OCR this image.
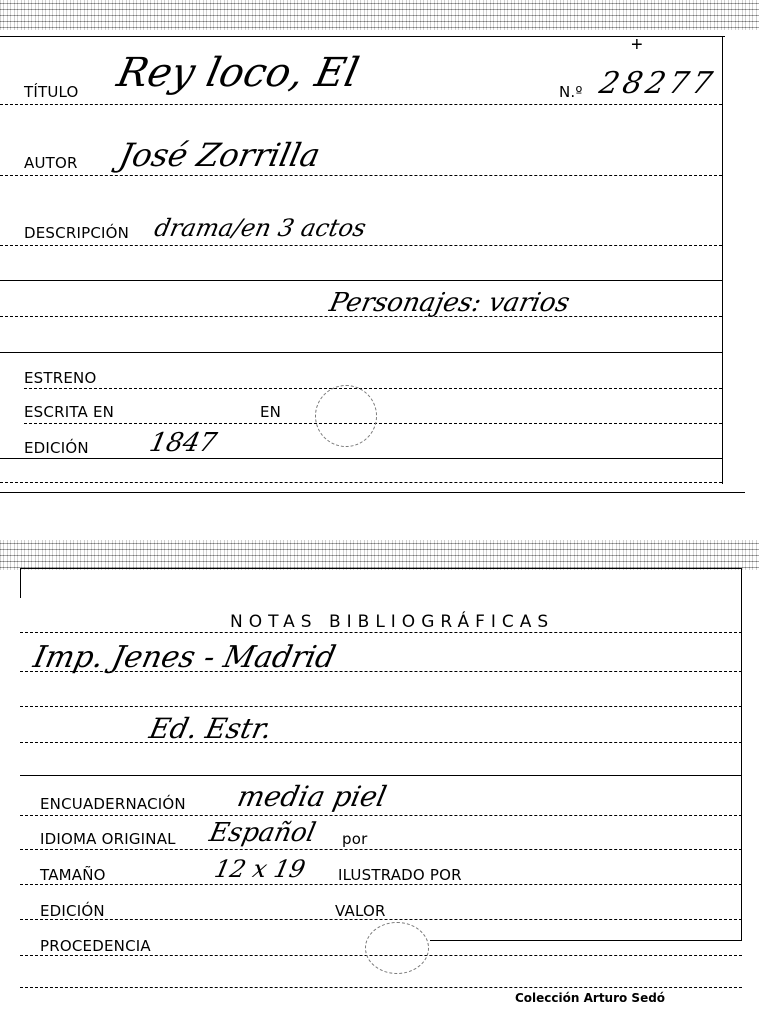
+
TÍTULO Rey loco, El	N.º 28277
AUTOR José Zorrilla
DESCRIPCIÓN drama/en 3 actos
Personajes: varios
ESTRENO
ESCRITA EN	EN
EDICIÓN 1847
NOTAS BIBLIOGRÁFICAS
Imp. Jenes - Madrid
Ed. Estr.
ENCUADERNACIÓN media piel
IDIOMA ORIGINAL Español por
TAMAÑO	12 x 19 ILUSTRADO POR
EDICIÓN	VALOR
PROCEDENCIA
Colección Arturo Sedó
